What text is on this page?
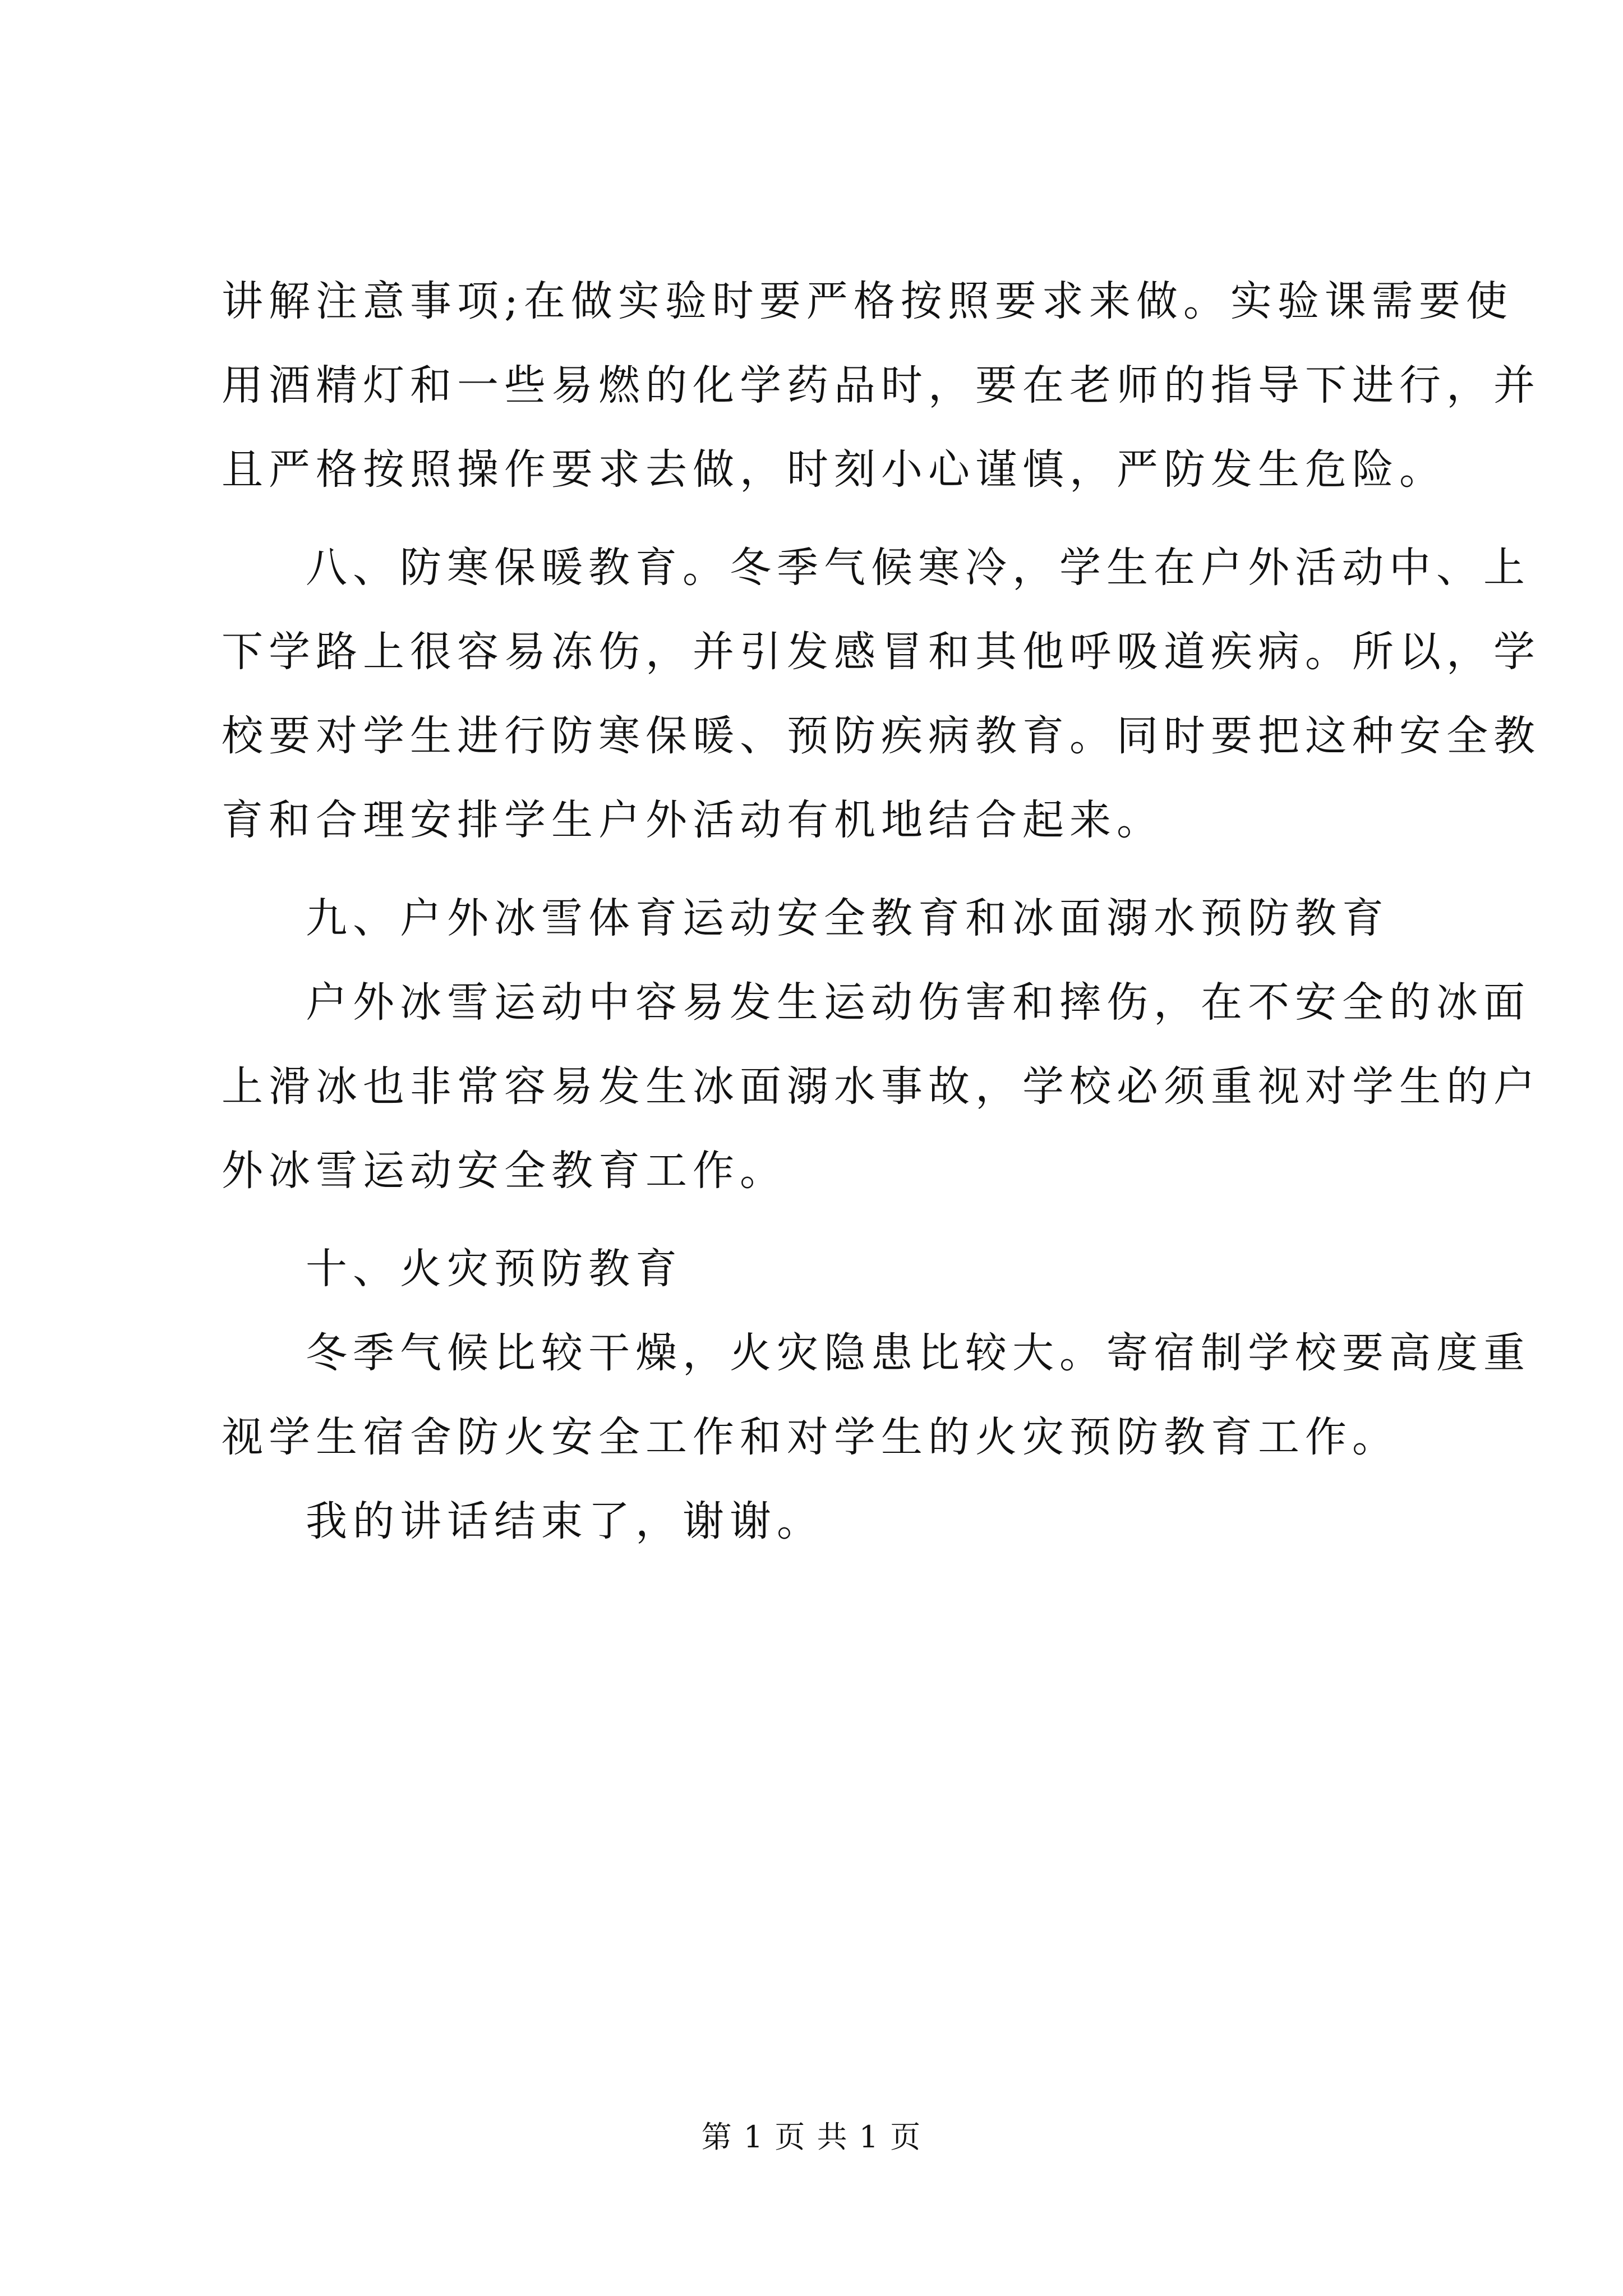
讲解注意事项;在做实验时要严格按照要求来做。实验课需要使
用酒精灯和一些易燃的化学药品时，要在老师的指导下进行，并
且严格按照操作要求去做，时刻小心谨慎，严防发生危险。
八、防寒保暖教育。冬季气候寒冷，学生在户外活动中、上
下学路上很容易冻伤，并引发感冒和其他呼吸道疾病。所以，学
校要对学生进行防寒保暖、预防疾病教育。同时要把这种安全教
育和合理安排学生户外活动有机地结合起来。
九、户外冰雪体育运动安全教育和冰面溺水预防教育
户外冰雪运动中容易发生运动伤害和摔伤，在不安全的冰面
上滑冰也非常容易发生冰面溺水事故，学校必须重视对学生的户
外冰雪运动安全教育工作。
十、火灾预防教育
冬季气候比较干燥，火灾隐患比较大。寄宿制学校要高度重
视学生宿舍防火安全工作和对学生的火灾预防教育工作。
我的讲话结束了，谢谢。
第 1 页 共 1 页
